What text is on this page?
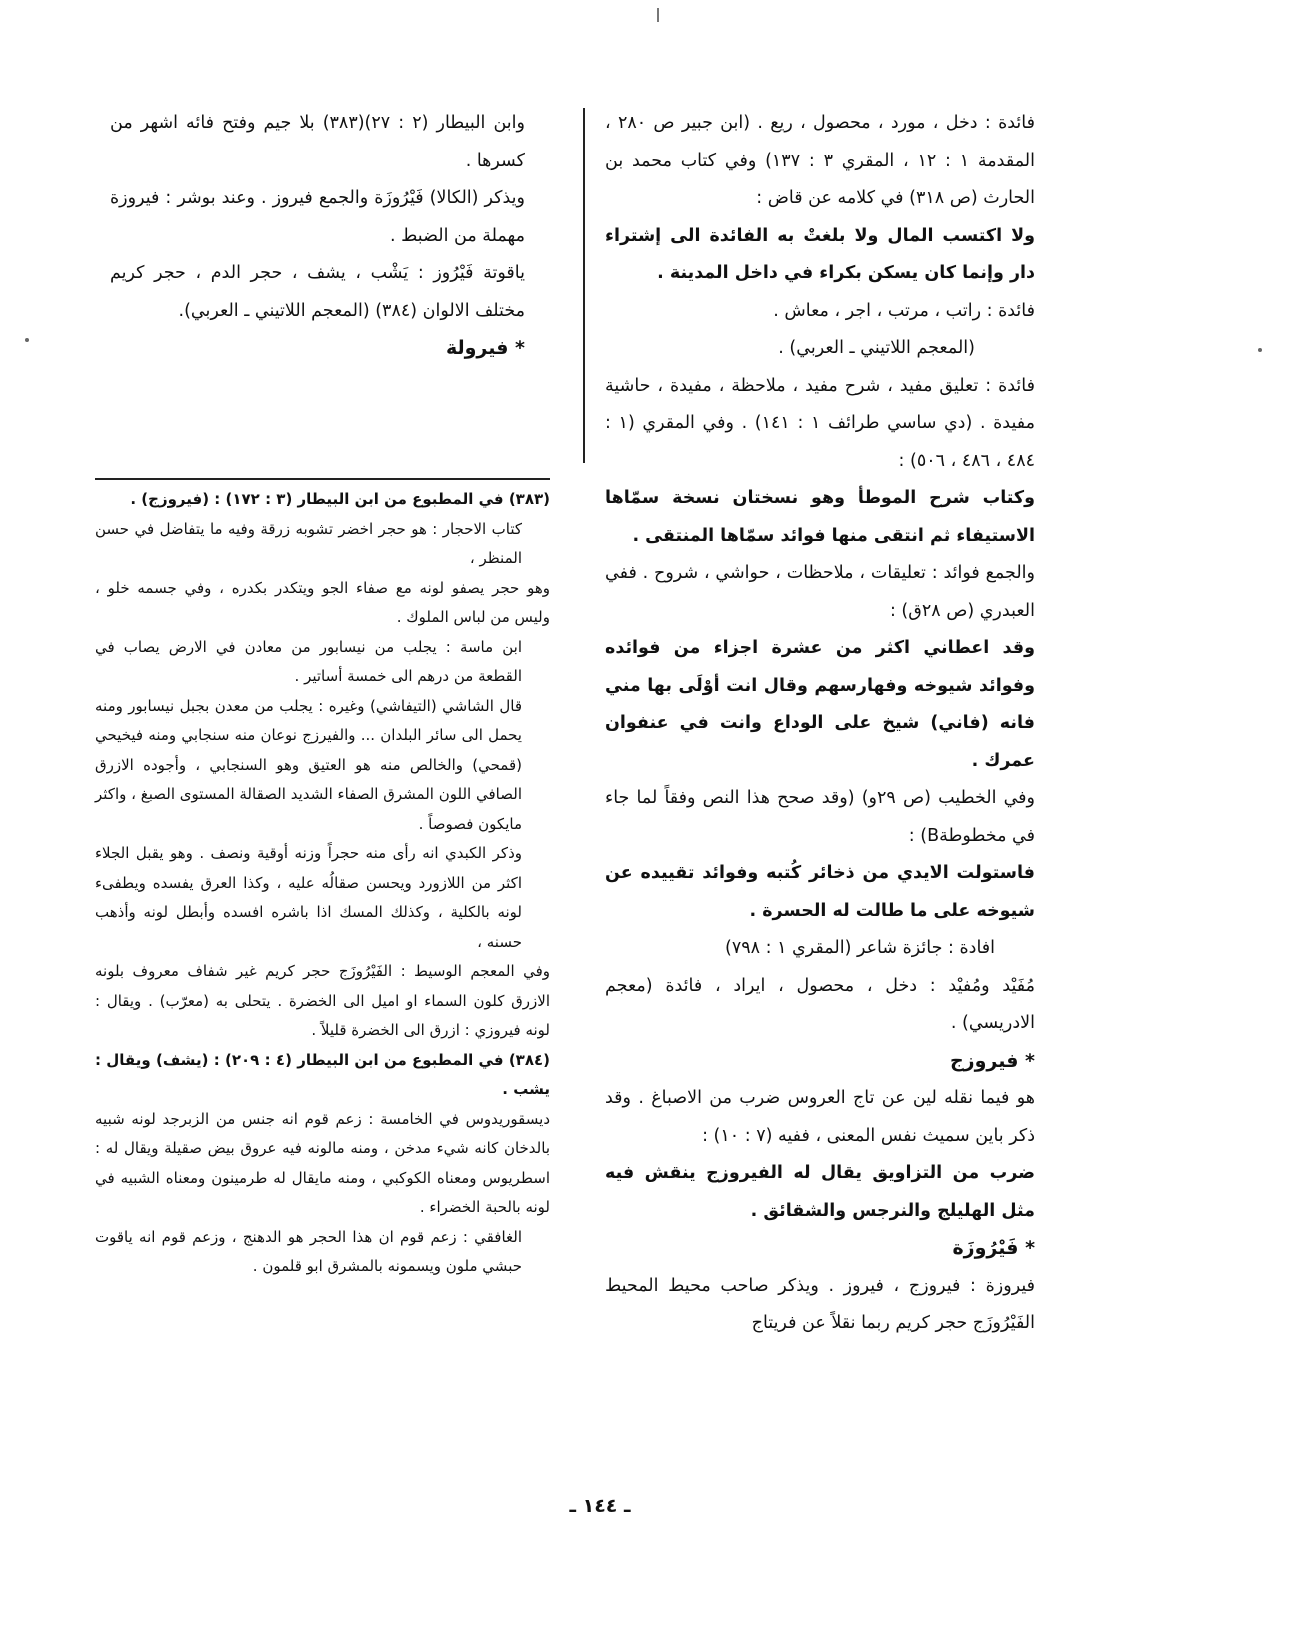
فائدة : دخل ، مورد ، محصول ، ريع . (ابن جبير ص ٢٨٠ ، المقدمة ١ : ١٢ ، المقري ٣ : ١٣٧) وفي كتاب محمد بن الحارث (ص ٣١٨) في كلامه عن قاض :

ولا اكتسب المال ولا بلغتْ به الفائدة الى إشتراء دار وإنما كان يسكن بكراء في داخل المدينة .

فائدة : راتب ، مرتب ، اجر ، معاش .

(المعجم اللاتيني ـ العربي) .

فائدة : تعليق مفيد ، شرح مفيد ، ملاحظة ، مفيدة ، حاشية مفيدة . (دي ساسي طرائف ١ : ١٤١) . وفي المقري (١ : ٤٨٤ ، ٤٨٦ ، ٥٠٦) :

وكتاب شرح الموطأ وهو نسختان نسخة سمّاها الاستيفاء ثم انتقى منها فوائد سمّاها المنتقى .

والجمع فوائد : تعليقات ، ملاحظات ، حواشي ، شروح . ففي العبدري (ص ٢٨ق) :

وقد اعطاني اكثر من عشرة اجزاء من فوائده وفوائد شيوخه وفهارسهم وقال انت أوْلَى بها مني فانه (فاني) شيخ على الوداع وانت في عنفوان عمرك .

وفي الخطيب (ص ٢٩و) (وقد صحح هذا النص وفقاً لما جاء في مخطوطةB) :

فاستولت الايدي من ذخائر كُتبه وفوائد تقييده عن شيوخه على ما طالت له الحسرة .

افادة : جائزة شاعر (المقري ١ : ٧٩٨)

مُفَيْد ومُفيْد : دخل ، محصول ، ايراد ، فائدة (معجم الادريسي) .

* فيروزج

هو فيما نقله لين عن تاج العروس ضرب من الاصباغ . وقد ذكر باين سميث نفس المعنى ، ففيه (٧ : ١٠) :

ضرب من التزاويق يقال له الفيروزج ينقش فيه مثل الهليلج والنرجس والشقائق .

* فَيْرُوزَة

فيروزة : فيروزج ، فيروز . ويذكر صاحب محيط المحيط الفَيْرُوزَج حجر كريم ربما نقلاً عن فريتاج

وابن البيطار (٢ : ٢٧)(٣٨٣) بلا جيم وفتح فائه اشهر من كسرها .

ويذكر (الكالا) فَيْرُوزَة والجمع فيروز . وعند بوشر : فيروزة مهملة من الضبط .

ياقوتة فَيْرُوز : يَشْب ، يشف ، حجر الدم ، حجر كريم مختلف الالوان (٣٨٤) (المعجم اللاتيني ـ العربي).

* فيرولة

(٣٨٣) في المطبوع من ابن البيطار (٣ : ١٧٢) : (فيروزج) .

كتاب الاحجار : هو حجر اخضر تشوبه زرقة وفيه ما يتفاضل في حسن المنظر ،

وهو حجر يصفو لونه مع صفاء الجو ويتكدر بكدره ، وفي جسمه خلو ، وليس من لباس الملوك .

ابن ماسة : يجلب من نيسابور من معادن في الارض يصاب في القطعة من درهم الى خمسة أساتير .

قال الشاشي (التيفاشي) وغيره : يجلب من معدن بجبل نيسابور ومنه يحمل الى سائر البلدان ... والفيرزج نوعان منه سنجابي ومنه فيخيحي (قمحي) والخالص منه هو العتيق وهو السنجابي ، وأجوده الازرق الصافي اللون المشرق الصفاء الشديد الصقالة المستوى الصبغ ، واكثر مايكون فصوصاً .

وذكر الكبدي انه رأى منه حجراً وزنه أوقية ونصف . وهو يقبل الجلاء اكثر من اللازورد ويحسن صقالُه عليه ، وكذا العرق يفسده ويطفىء لونه بالكلية ، وكذلك المسك اذا باشره افسده وأبطل لونه وأذهب حسنه ،

وفي المعجم الوسيط : الفَيْرُوزَج حجر كريم غير شفاف معروف بلونه الازرق كلون السماء او اميل الى الخضرة . يتحلى به (معرّب) . ويقال : لونه فيروزي : ازرق الى الخضرة قليلاً .

(٣٨٤) في المطبوع من ابن البيطار (٤ : ٢٠٩) : (يشف) ويقال : يشب .

ديسقوريدوس في الخامسة : زعم قوم انه جنس من الزبرجد لونه شبيه بالدخان كانه شيء مدخن ، ومنه مالونه فيه عروق بيض صقيلة ويقال له : اسطريوس ومعناه الكوكبي ، ومنه مايقال له طرمينون ومعناه الشبيه في لونه بالحبة الخضراء .

الغافقي : زعم قوم ان هذا الحجر هو الدهنج ، وزعم قوم انه ياقوت حبشي ملون ويسمونه بالمشرق ابو قلمون .

ـ ١٤٤ ـ
